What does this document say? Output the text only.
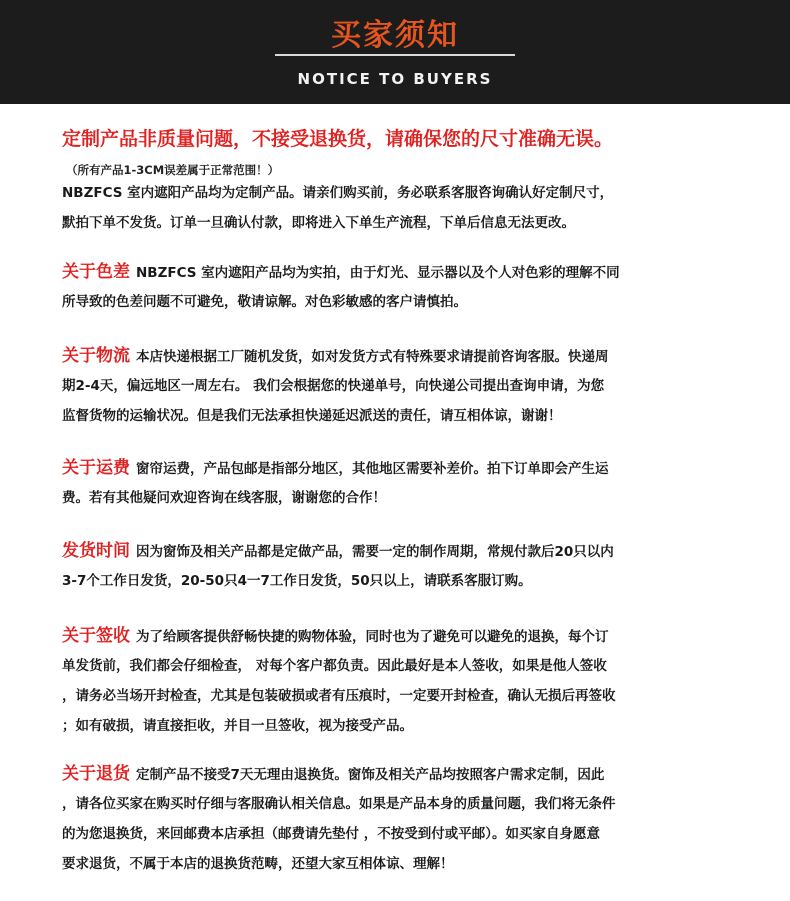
买家须知
NOTICE TO BUYERS
定制产品非质量问题，不接受退换货，请确保您的尺寸准确无误。
（所有产品1-3CM误差属于正常范围！）
NBZFCS 室内遮阳产品均为定制产品。请亲们购买前，务必联系客服咨询确认好定制尺寸，
默拍下单不发货。订单一旦确认付款，即将进入下单生产流程，下单后信息无法更改。
关于色差 NBZFCS 室内遮阳产品均为实拍，由于灯光、显示器以及个人对色彩的理解不同
所导致的色差问题不可避免，敬请谅解。对色彩敏感的客户请慎拍。
关于物流 本店快递根据工厂随机发货，如对发货方式有特殊要求请提前咨询客服。快递周
期2-4天，偏远地区一周左右。 我们会根据您的快递单号，向快递公司提出查询申请，为您
监督货物的运输状况。但是我们无法承担快递延迟派送的责任，请互相体谅，谢谢！
关于运费 窗帘运费，产品包邮是指部分地区，其他地区需要补差价。拍下订单即会产生运
费。若有其他疑问欢迎咨询在线客服，谢谢您的合作！
发货时间 因为窗饰及相关产品都是定做产品，需要一定的制作周期，常规付款后20只以内
3-7个工作日发货，20-50只4一7工作日发货，50只以上，请联系客服订购。
关于签收 为了给顾客提供舒畅快捷的购物体验，同时也为了避免可以避免的退换，每个订
单发货前，我们都会仔细检查， 对每个客户都负责。因此最好是本人签收，如果是他人签收
，请务必当场开封检查，尤其是包装破损或者有压痕时，一定要开封检查，确认无损后再签收
；如有破损，请直接拒收，并目一旦签收，视为接受产品。
关于退货 定制产品不接受7天无理由退换货。窗饰及相关产品均按照客户需求定制，因此
，请各位买家在购买时仔细与客服确认相关信息。如果是产品本身的质量问题，我们将无条件
的为您退换货，来回邮费本店承担（邮费请先垫付 ，不按受到付或平邮）。如买家自身愿意
要求退货，不属于本店的退换货范畴，还望大家互相体谅、理解！
